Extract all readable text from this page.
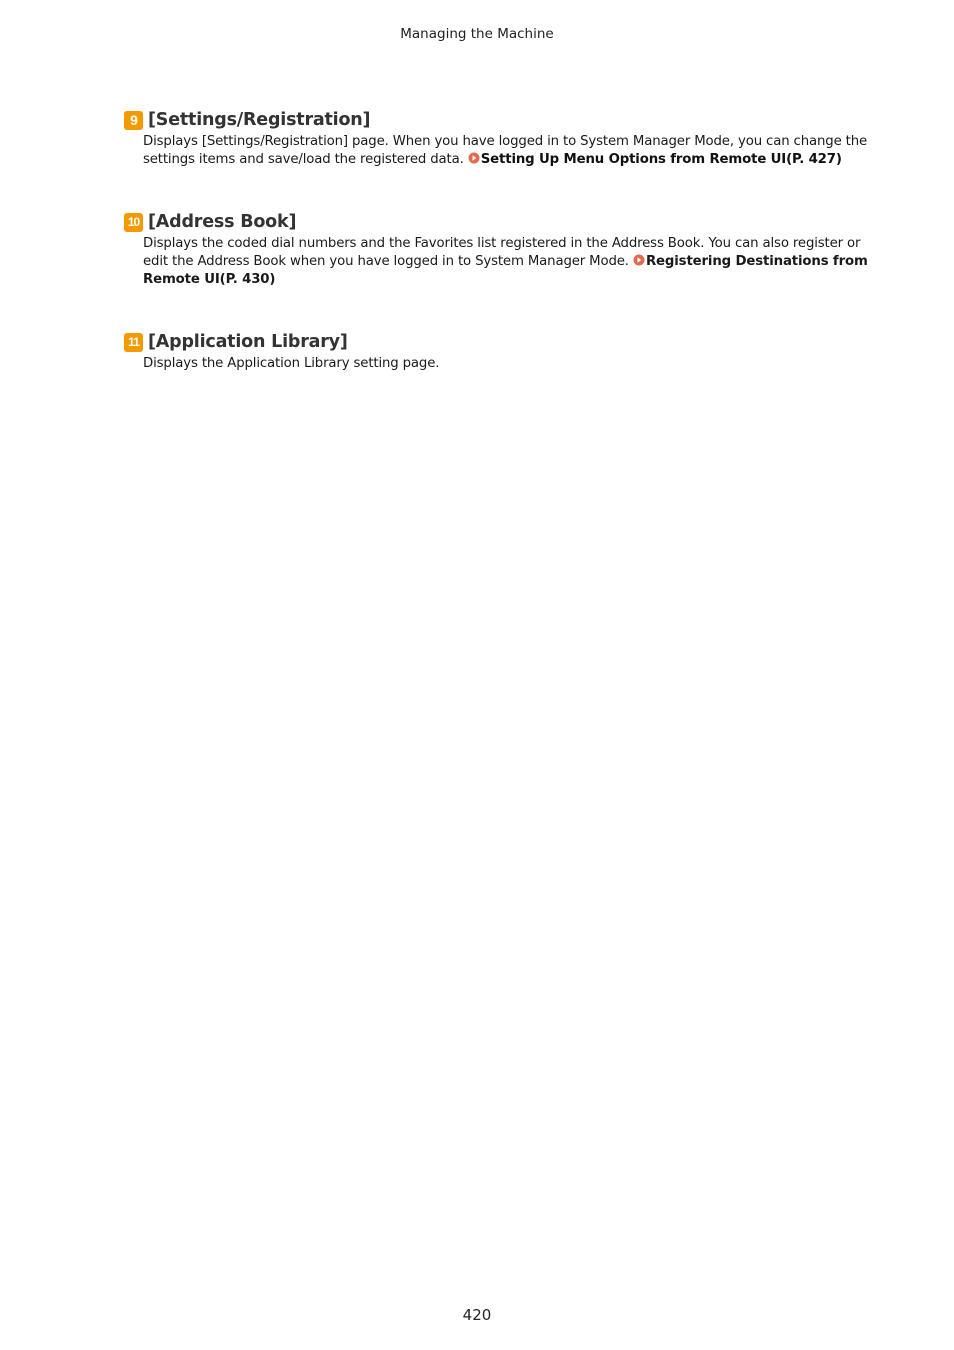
Managing the Machine
9 [Settings/Registration]
Displays [Settings/Registration] page. When you have logged in to System Manager Mode, you can change the settings items and save/load the registered data. Setting Up Menu Options from Remote UI(P. 427)
10 [Address Book]
Displays the coded dial numbers and the Favorites list registered in the Address Book. You can also register or edit the Address Book when you have logged in to System Manager Mode. Registering Destinations from Remote UI(P. 430)
11 [Application Library]
Displays the Application Library setting page.
420
